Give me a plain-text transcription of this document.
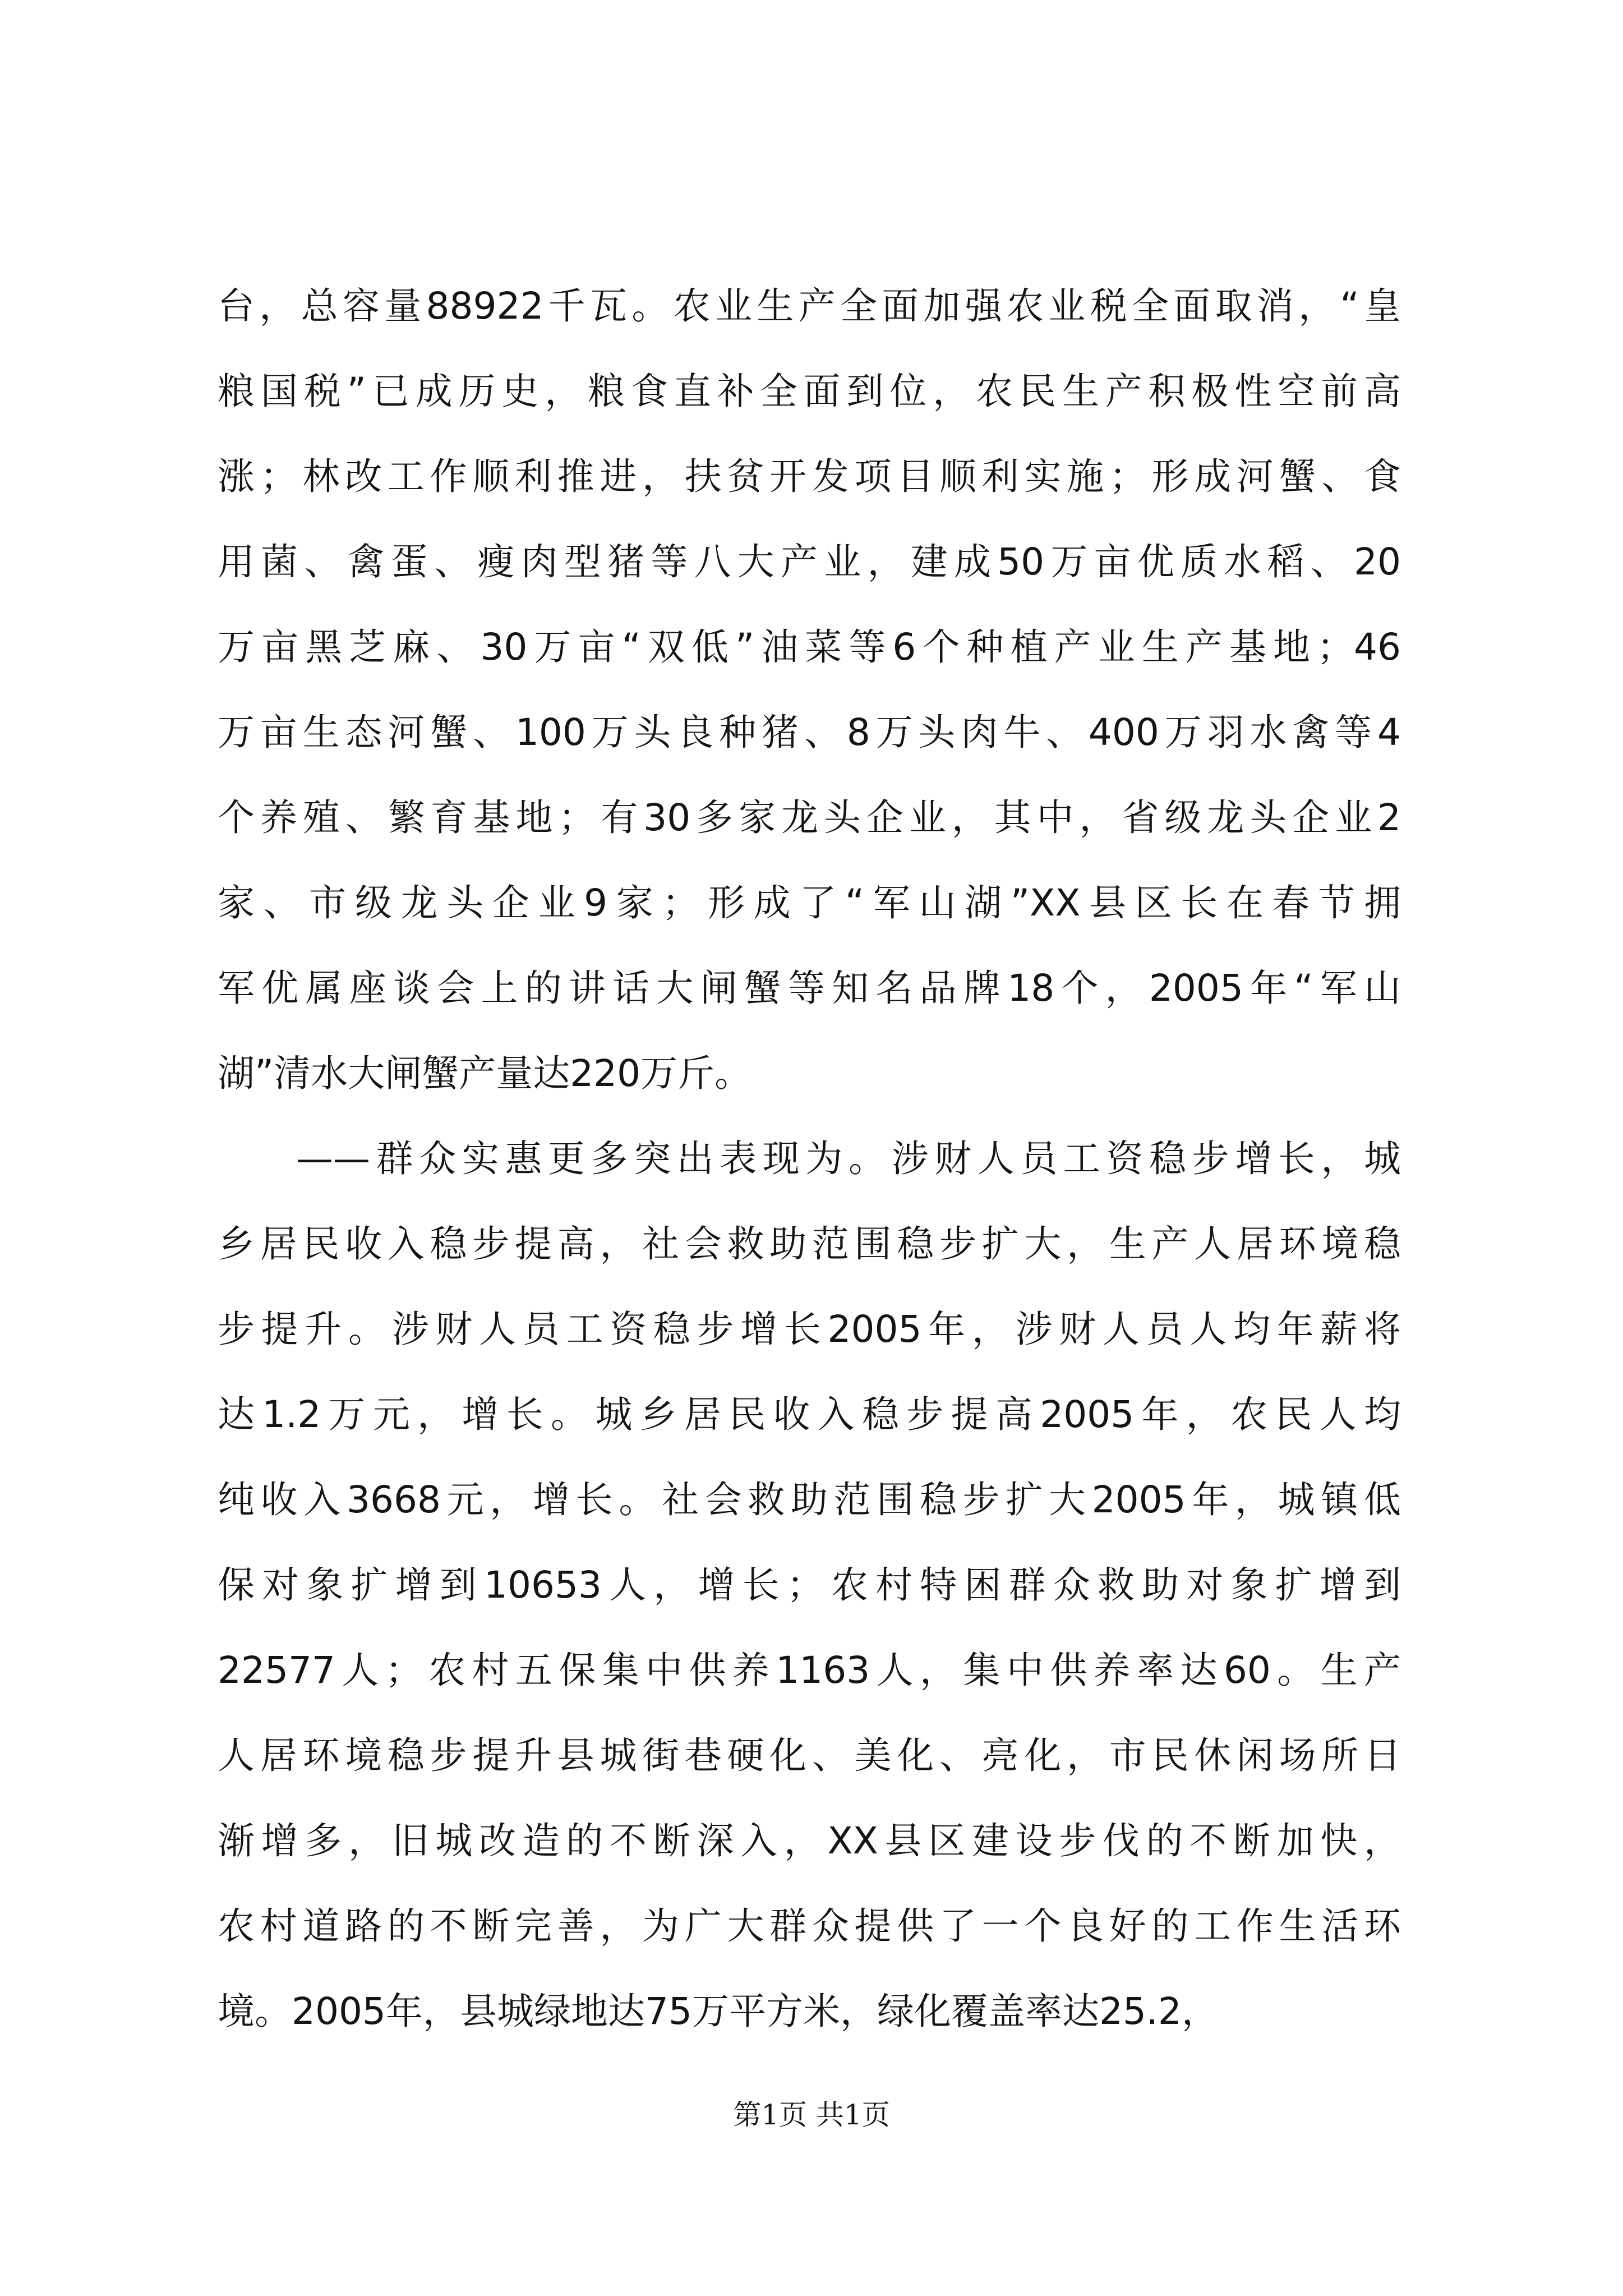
台，总容量88922千瓦。农业生产全面加强农业税全面取消，“皇
粮国税”已成历史，粮食直补全面到位，农民生产积极性空前高
涨；林改工作顺利推进，扶贫开发项目顺利实施；形成河蟹、食
用菌、禽蛋、瘦肉型猪等八大产业，建成50万亩优质水稻、20
万亩黑芝麻、30万亩“双低”油菜等6个种植产业生产基地；46
万亩生态河蟹、100万头良种猪、8万头肉牛、400万羽水禽等4
个养殖、繁育基地；有30多家龙头企业，其中，省级龙头企业2
家、市级龙头企业9家；形成了“军山湖”XX县区长在春节拥
军优属座谈会上的讲话大闸蟹等知名品牌18个，2005年“军山
湖”清水大闸蟹产量达220万斤。
——群众实惠更多突出表现为。涉财人员工资稳步增长，城
乡居民收入稳步提高，社会救助范围稳步扩大，生产人居环境稳
步提升。涉财人员工资稳步增长2005年，涉财人员人均年薪将
达1.2万元，增长。城乡居民收入稳步提高2005年，农民人均
纯收入3668元，增长。社会救助范围稳步扩大2005年，城镇低
保对象扩增到10653人，增长；农村特困群众救助对象扩增到
22577人；农村五保集中供养1163人，集中供养率达60。生产
人居环境稳步提升县城街巷硬化、美化、亮化，市民休闲场所日
渐增多，旧城改造的不断深入，XX县区建设步伐的不断加快，
农村道路的不断完善，为广大群众提供了一个良好的工作生活环
境。2005年，县城绿地达75万平方米，绿化覆盖率达25.2，
第1页 共1页
